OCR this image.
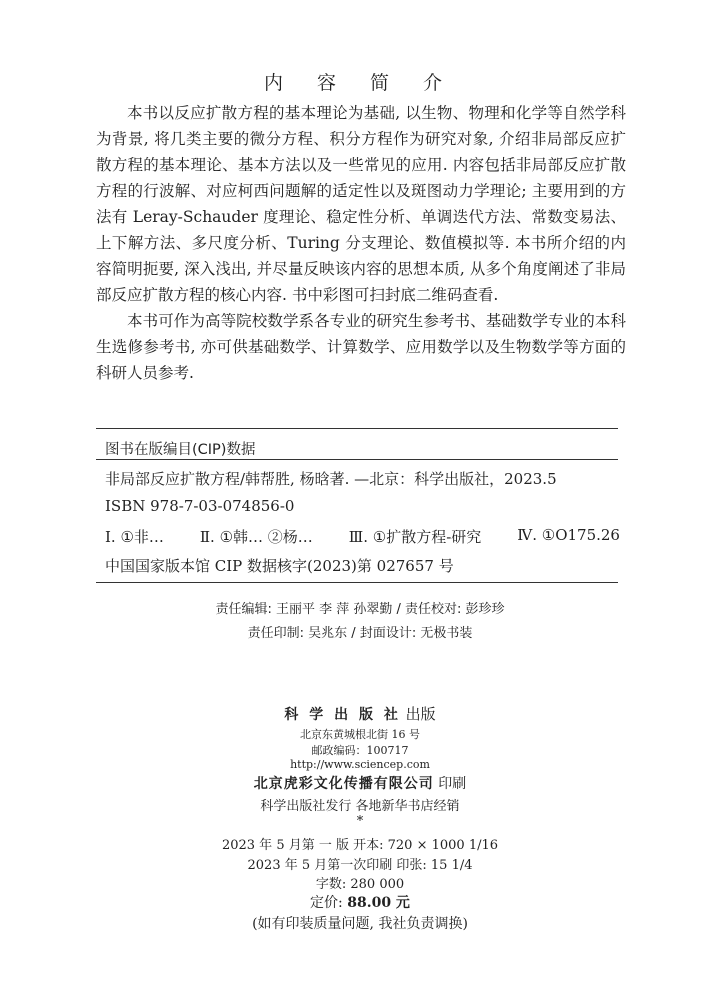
内 容 简 介

本书以反应扩散方程的基本理论为基础, 以生物、物理和化学等自然学科为背景, 将几类主要的微分方程、积分方程作为研究对象, 介绍非局部反应扩散方程的基本理论、基本方法以及一些常见的应用. 内容包括非局部反应扩散方程的行波解、对应柯西问题解的适定性以及斑图动力学理论; 主要用到的方法有 Leray-Schauder 度理论、稳定性分析、单调迭代方法、常数变易法、上下解方法、多尺度分析、Turing 分支理论、数值模拟等. 本书所介绍的内容简明扼要, 深入浅出, 并尽量反映该内容的思想本质, 从多个角度阐述了非局部反应扩散方程的核心内容. 书中彩图可扫封底二维码查看.

本书可作为高等院校数学系各专业的研究生参考书、基础数学专业的本科生选修参考书, 亦可供基础数学、计算数学、应用数学以及生物数学等方面的科研人员参考.

图书在版编目(CIP)数据
非局部反应扩散方程/韩帮胜, 杨晗著. —北京：科学出版社，2023.5
ISBN 978-7-03-074856-0
Ⅰ. ①非… Ⅱ. ①韩… ②杨… Ⅲ. ①扩散方程-研究 Ⅳ. ①O175.26
中国国家版本馆 CIP 数据核字(2023)第 027657 号
责任编辑: 王丽平 李 萍 孙翠勤 / 责任校对: 彭珍珍
责任印制: 吴兆东 / 封面设计: 无极书装
科 学 出 版 社 出版
北京东黄城根北街 16 号
邮政编码：100717
http://www.sciencep.com
北京虎彩文化传播有限公司 印刷
科学出版社发行 各地新华书店经销
*
2023 年 5 月第 一 版 开本: 720 × 1000 1/16
2023 年 5 月第一次印刷 印张: 15 1/4
字数: 280 000
定价: 88.00 元
(如有印装质量问题, 我社负责调换)
